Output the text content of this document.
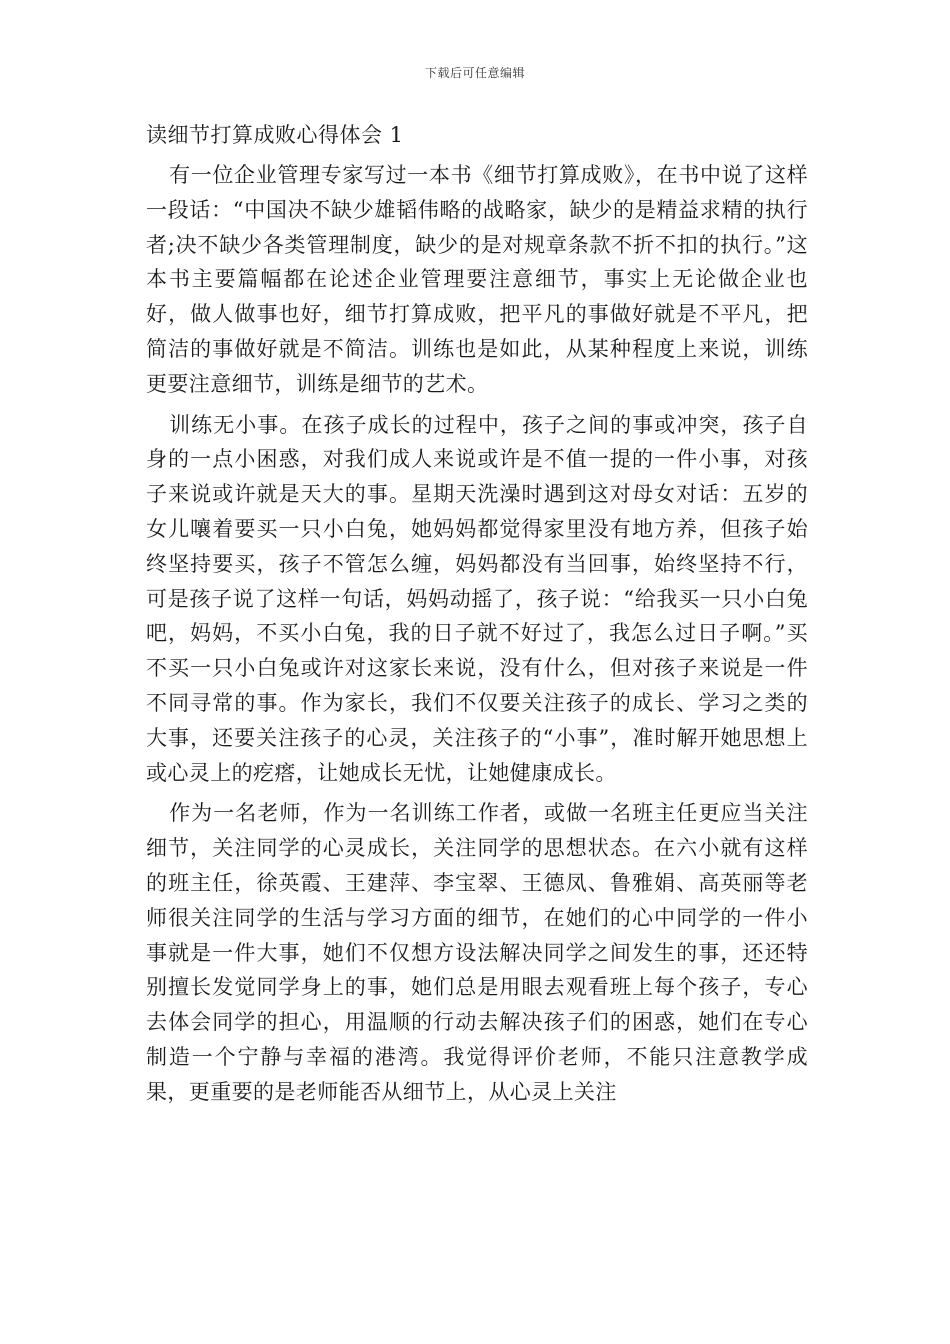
下载后可任意编辑
读细节打算成败心得体会 1

有一位企业管理专家写过一本书《细节打算成败》，在书中说了这样一段话：“中国决不缺少雄韬伟略的战略家，缺少的是精益求精的执行者;决不缺少各类管理制度，缺少的是对规章条款不折不扣的执行。”这本书主要篇幅都在论述企业管理要注意细节，事实上无论做企业也好，做人做事也好，细节打算成败，把平凡的事做好就是不平凡，把简洁的事做好就是不简洁。训练也是如此，从某种程度上来说，训练更要注意细节，训练是细节的艺术。

训练无小事。在孩子成长的过程中，孩子之间的事或冲突，孩子自身的一点小困惑，对我们成人来说或许是不值一提的一件小事，对孩子来说或许就是天大的事。星期天洗澡时遇到这对母女对话：五岁的女儿嚷着要买一只小白兔，她妈妈都觉得家里没有地方养，但孩子始终坚持要买，孩子不管怎么缠，妈妈都没有当回事，始终坚持不行，可是孩子说了这样一句话，妈妈动摇了，孩子说：“给我买一只小白兔吧，妈妈，不买小白兔，我的日子就不好过了，我怎么过日子啊。”买不买一只小白兔或许对这家长来说，没有什么，但对孩子来说是一件不同寻常的事。作为家长，我们不仅要关注孩子的成长、学习之类的大事，还要关注孩子的心灵，关注孩子的“小事”，准时解开她思想上或心灵上的疙瘩，让她成长无忧，让她健康成长。

作为一名老师，作为一名训练工作者，或做一名班主任更应当关注细节，关注同学的心灵成长，关注同学的思想状态。在六小就有这样的班主任，徐英霞、王建萍、李宝翠、王德凤、鲁雅娟、高英丽等老师很关注同学的生活与学习方面的细节，在她们的心中同学的一件小事就是一件大事，她们不仅想方设法解决同学之间发生的事，还还特别擅长发觉同学身上的事，她们总是用眼去观看班上每个孩子，专心去体会同学的担心，用温顺的行动去解决孩子们的困惑，她们在专心制造一个宁静与幸福的港湾。我觉得评价老师，不能只注意教学成果，更重要的是老师能否从细节上，从心灵上关注
